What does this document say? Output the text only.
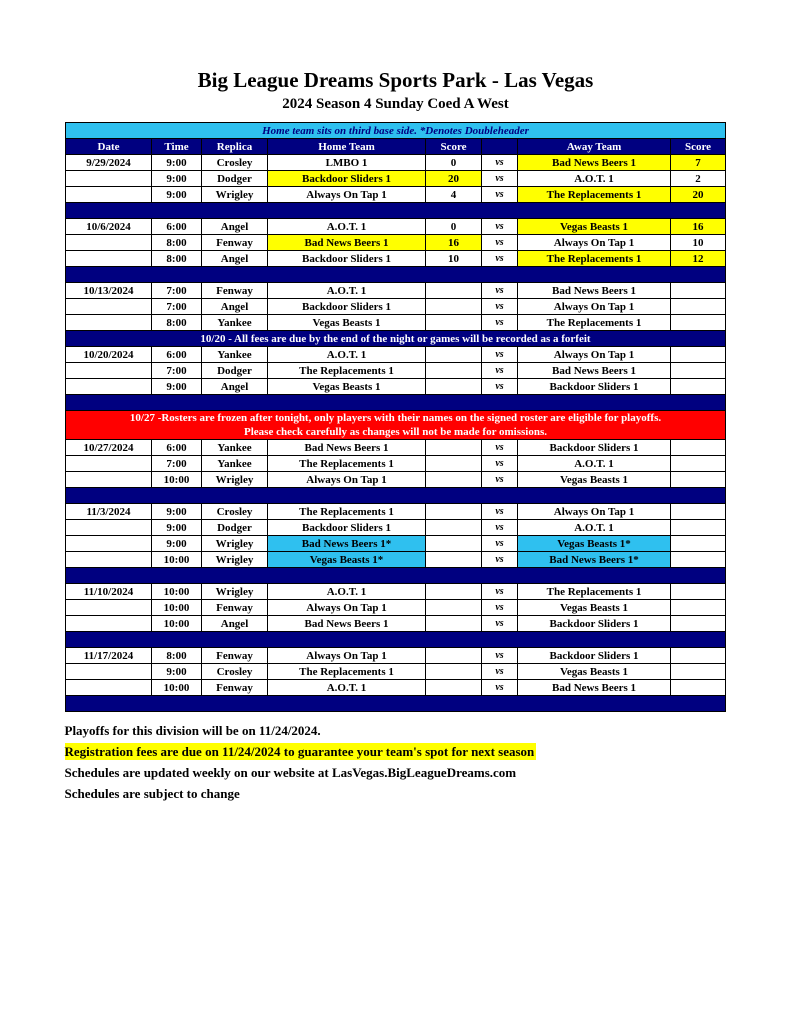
Big League Dreams Sports Park - Las Vegas
2024 Season 4 Sunday Coed A West
Home team sits on third base side. *Denotes Doubleheader							
Date	Time	Replica	Home Team	Score		Away Team	Score
9/29/2024	9:00	Crosley	LMBO 1	0	vs	Bad News Beers 1	7
	9:00	Dodger	Backdoor Sliders 1	20	vs	A.O.T. 1	2
	9:00	Wrigley	Always On Tap 1	4	vs	The Replacements 1	20

10/6/2024	6:00	Angel	A.O.T. 1	0	vs	Vegas Beasts 1	16
	8:00	Fenway	Bad News Beers 1	16	vs	Always On Tap 1	10
	8:00	Angel	Backdoor Sliders 1	10	vs	The Replacements 1	12

10/13/2024	7:00	Fenway	A.O.T. 1		vs	Bad News Beers 1	
	7:00	Angel	Backdoor Sliders 1		vs	Always On Tap 1	
	8:00	Yankee	Vegas Beasts 1		vs	The Replacements 1	
10/20 - All fees are due by the end of the night or games will be recorded as a forfeit							
10/20/2024	6:00	Yankee	A.O.T. 1		vs	Always On Tap 1	
	7:00	Dodger	The Replacements 1		vs	Bad News Beers 1	
	9:00	Angel	Vegas Beasts 1		vs	Backdoor Sliders 1	

10/27 -Rosters are frozen after tonight, only players with their names on the signed roster are eligible for playoffs.
Please check carefully as changes will not be made for omissions.							

10/27/2024	6:00	Yankee	Bad News Beers 1		vs	Backdoor Sliders 1	
	7:00	Yankee	The Replacements 1		vs	A.O.T. 1	
	10:00	Wrigley	Always On Tap 1		vs	Vegas Beasts 1	

11/3/2024	9:00	Crosley	The Replacements 1		vs	Always On Tap 1	
	9:00	Dodger	Backdoor Sliders 1		vs	A.O.T. 1	
	9:00	Wrigley	Bad News Beers 1*		vs	Vegas Beasts 1*	
	10:00	Wrigley	Vegas Beasts 1*		vs	Bad News Beers 1*	

11/10/2024	10:00	Wrigley	A.O.T. 1		vs	The Replacements 1	
	10:00	Fenway	Always On Tap 1		vs	Vegas Beasts 1	
	10:00	Angel	Bad News Beers 1		vs	Backdoor Sliders 1	

11/17/2024	8:00	Fenway	Always On Tap 1		vs	Backdoor Sliders 1	
	9:00	Crosley	The Replacements 1		vs	Vegas Beasts 1	
	10:00	Fenway	A.O.T. 1		vs	Bad News Beers 1	

Playoffs for this division will be on 11/24/2024.
Registration fees are due on 11/24/2024 to guarantee your team's spot for next season
Schedules are updated weekly on our website at LasVegas.BigLeagueDreams.com
Schedules are subject to change
